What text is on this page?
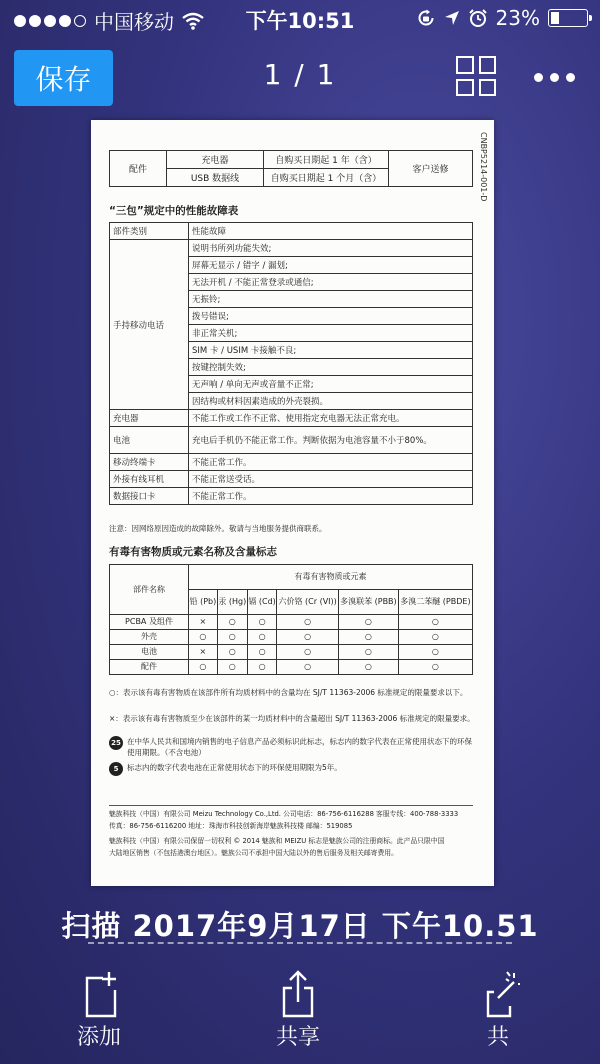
中国移动	下午10:51	23%
保存	1 / 1
CNBP5214-001-D
配件	充电器	自购买日期起 1 年（含）	客户送修
	USB 数据线	自购买日期起 1 个月（含）	
“三包”规定中的性能故障表
部件类别	性能故障
手持移动电话	说明书所列功能失效;
	屏幕无显示 / 错字 / 漏划;
	无法开机 / 不能正常登录或通信;
	无振铃;
	拨号错误;
	非正常关机;
	SIM 卡 / USIM 卡接触不良;
	按键控制失效;
	无声响 / 单向无声或音量不正常;
	因结构或材料因素造成的外壳裂损。
充电器	不能工作或工作不正常、使用指定充电器无法正常充电。
电池	充电后手机仍不能正常工作。判断依据为电池容量不小于80%。
移动终端卡	不能正常工作。
外接有线耳机	不能正常送受话。
数据接口卡	不能正常工作。
注意：因网络原因造成的故障除外。敬请与当地服务提供商联系。
有毒有害物质或元素名称及含量标志
部件名称	有毒有害物质或元素					
	铅 (Pb)	汞 (Hg)	镉 (Cd)	六价铬 (Cr (VI))	多溴联苯 (PBB)	多溴二苯醚 (PBDE)
PCBA 及组件	×	○	○	○	○	○
外壳	○	○	○	○	○	○
电池	×	○	○	○	○	○
配件	○	○	○	○	○	○
○：表示该有毒有害物质在该部件所有均质材料中的含量均在 SJ/T 11363-2006 标准规定的限量要求以下。
×：表示该有毒有害物质至少在该部件的某一均质材料中的含量超出 SJ/T 11363-2006 标准规定的限量要求。
25 在中华人民共和国境内销售的电子信息产品必须标识此标志，标志内的数字代表在正常使用状态下的环保使用期限。（不含电池）
5	标志内的数字代表电池在正常使用状态下的环保使用期限为5年。
魅族科技（中国）有限公司 Meizu Technology Co.,Ltd. 公司电话：86-756-6116288 客服专线：400-788-3333
传真：86-756-6116200 地址：珠海市科技创新海岸魅族科技楼 邮编：519085
魅族科技（中国）有限公司保留一切权利 © 2014 魅族和 MEIZU 标志是魅族公司的注册商标。此产品只限中国
大陆地区销售（不包括港澳台地区）。魅族公司不承担中国大陆以外的售后服务及相关邮寄费用。
扫描 2017年9月17日 下午10.51
添加	共享	共
